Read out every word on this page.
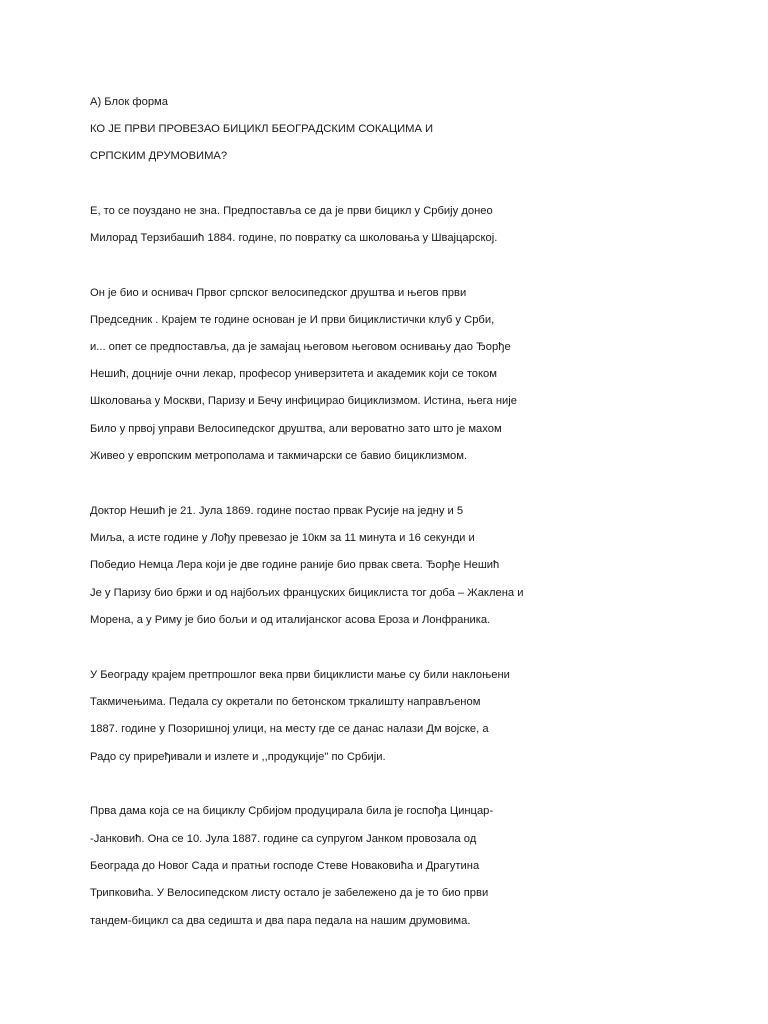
А) Блок форма

КО ЈЕ ПРВИ ПРОВЕЗАО БИЦИКЛ БЕОГРАДСКИМ СОКАЦИМА И

СРПСКИМ ДРУМОВИМА?

Е, то се поуздано не зна. Предпоставља се да је први бицикл у Србију донео

Милорад Терзибашић 1884. године, по повратку са школовања у Швајцарској.

Он је био и оснивач Првог српског велосипедског друштва и његов први

Председник . Крајем те године основан је И први бициклистички клуб у Срби,

и... опет се предпоставља, да је замајац његовом његовом оснивању дао Ђорђе

Нешић, доцније очни лекар, професор универзитета и академик који се током

Школовања у Москви, Паризу и Бечу инфицирао бициклизмом. Истина, њега није

Било у првој управи Велосипедског друштва, али вероватно зато што је махом

Живео у европским метрополама и такмичарски се бавио бициклизмом.

Доктор Нешић је 21. Јула 1869. године постао првак Русије на једну и 5

Миља, а исте године у Лођу превезао је 10км за 11 минута и 16 секунди и

Победио Немца Лера који је две године раније био првак света. Ђорђе Нешић

Је у Паризу био бржи и од најбољих француских бициклиста тог доба – Жаклена и

Морена, а у Риму је био бољи и од италијанског асова Ероза и Лонфраника.

У Београду крајем претпрошлог века први бициклисти мање су били наклоњени

Такмичењима. Педала су окретали по бетонском тркалишту направљеном

1887. године у Позоришној улици, на месту где се данас налази Дм војске, а

Радо су приређивали и излете и ,,продукције" по Србији.

Прва дама која се на бициклу Србијом продуцирала била је госпођа Цинцар-

-Јанковић. Она се 10. Јула 1887. године са супругом Јанком провозала од

Београда до Новог Сада и пратњи господе Стеве Новаковића и Драгутина

Трипковића. У Велосипедском листу остало је забележено да је то био први

тандем-бицикл са два седишта и два пара педала на нашим друмовима.
